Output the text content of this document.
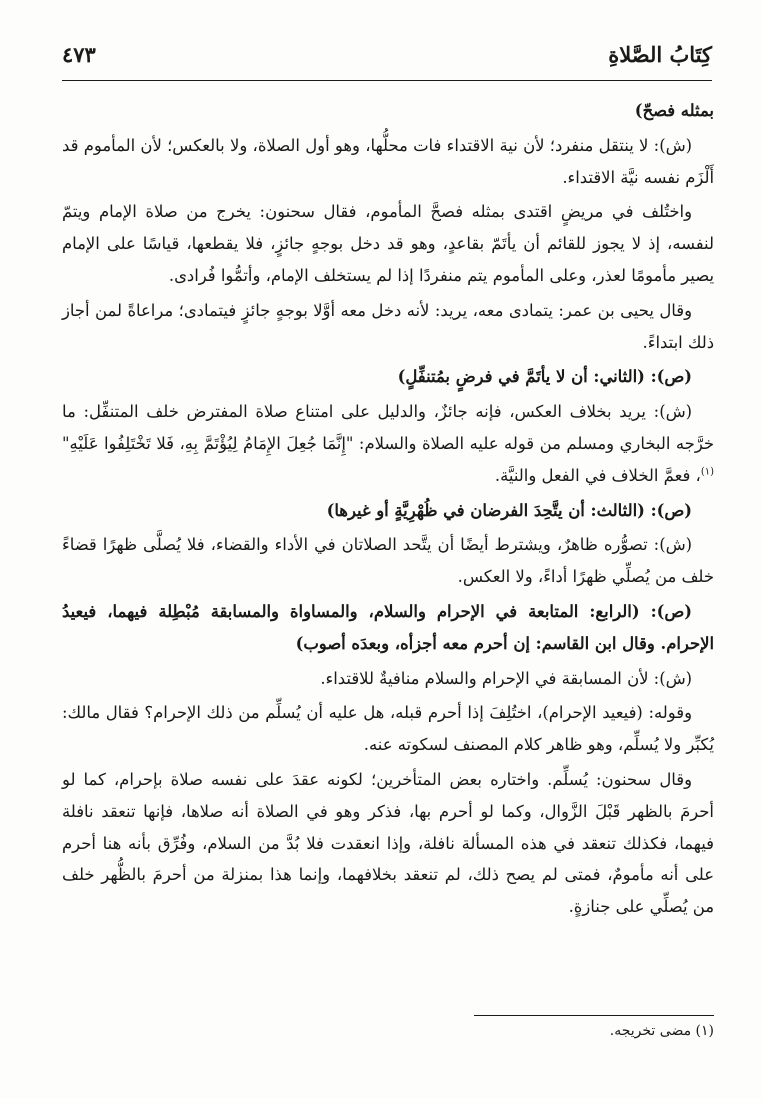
كِتَابُ الصَّلاةِ
٤٧٣

بمثله فصحّ)

(ش): لا ينتقل منفرد؛ لأن نية الاقتداء فات محلُّها، وهو أول الصلاة، ولا بالعكس؛ لأن المأموم قد أَلْزَم نفسه نيَّة الاقتداء.

واختُلف في مريضٍ اقتدى بمثله فصحَّ المأموم، فقال سحنون: يخرج من صلاة الإمام ويتمّ لنفسه، إذ لا يجوز للقائم أن يأتَمّ بقاعدٍ، وهو قد دخل بوجهٍ جائزٍ، فلا يقطعها، قياسًا على الإمام يصير مأمومًا لعذر، وعلى المأموم يتم منفردًا إذا لم يستخلف الإمام، وأتمُّوا فُرادى.

وقال يحيى بن عمر: يتمادى معه، يريد: لأنه دخل معه أوَّلا بوجهٍ جائزٍ فيتمادى؛ مراعاةً لمن أجاز ذلك ابتداءً.

(ص): (الثاني: أن لا يأتَمَّ في فرضٍ بمُتنفِّلٍ)

(ش): يريد بخلاف العكس، فإنه جائزٌ، والدليل على امتناع صلاة المفترض خلف المتنفِّل: ما خرَّجه البخاري ومسلم من قوله عليه الصلاة والسلام: "إِنَّمَا جُعِلَ الإِمَامُ لِيُؤْتَمَّ بِهِ، فَلا تَخْتَلِفُوا عَلَيْهِ"$^{(١)}$، فعمَّ الخلاف في الفعل والنيَّة.

(ص): (الثالث: أن يتَّحِدَ الفرضان في ظُهْرِيَّةٍ أو غيرها)

(ش): تصوُّره ظاهرٌ، ويشترط أيضًا أن يتَّحد الصلاتان في الأداء والقضاء، فلا يُصلَّى ظهرًا قضاءً خلف من يُصلِّي ظهرًا أداءً، ولا العكس.

(ص): (الرابع: المتابعة في الإحرام والسلام، والمساواة والمسابقة مُبْطِلة فيهما، فيعيدُ الإحرام. وقال ابن القاسم: إن أحرم معه أجزأه، وبعدَه أصوب)

(ش): لأن المسابقة في الإحرام والسلام منافيةٌ للاقتداء.

وقوله: (فيعيد الإحرام)، اختُلِفَ إذا أحرم قبله، هل عليه أن يُسلِّم من ذلك الإحرام؟ فقال مالك: يُكبِّر ولا يُسلِّم، وهو ظاهر كلام المصنف لسكوته عنه.

وقال سحنون: يُسلِّم. واختاره بعض المتأخرين؛ لكونه عقدَ على نفسه صلاة بإحرام، كما لو أحرمَ بالظهر قَبْلَ الزَّوال، وكما لو أحرم بها، فذكر وهو في الصلاة أنه صلاها، فإنها تنعقد نافلة فيهما، فكذلك تنعقد في هذه المسألة نافلة، وإذا انعقدت فلا بُدَّ من السلام، وفُرِّق بأنه هنا أحرم على أنه مأمومٌ، فمتى لم يصح ذلك، لم تنعقد بخلافهما، وإنما هذا بمنزلة من أحرمَ بالظُّهر خلف من يُصلِّي على جنازةٍ.

(١) مضى تخريجه.
